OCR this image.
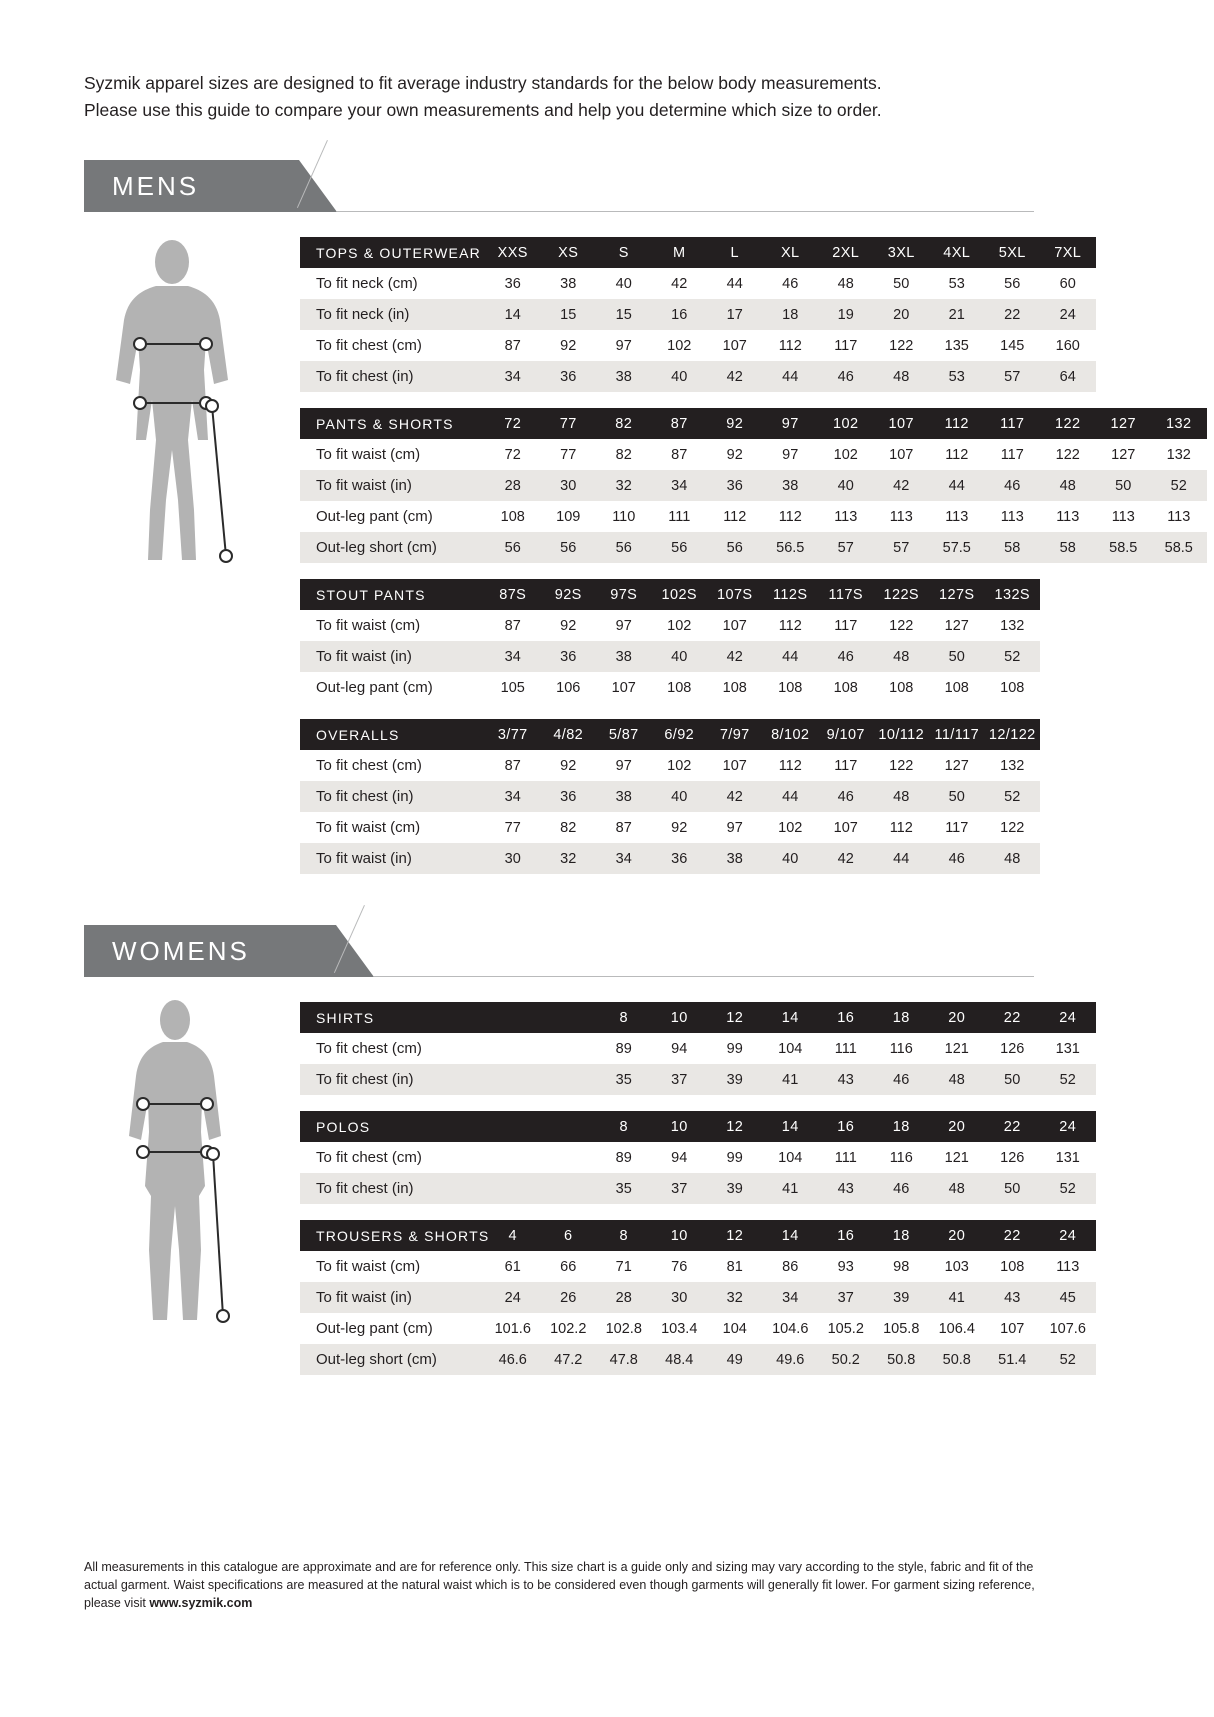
Syzmik apparel sizes are designed to fit average industry standards for the below body measurements.
Please use this guide to compare your own measurements and help you determine which size to order.
MENS
TOPS & OUTERWEAR	XXS	XS	S	M	L	XL	2XL	3XL	4XL	5XL	7XL
To fit neck (cm)	36	38	40	42	44	46	48	50	53	56	60
To fit neck (in)	14	15	15	16	17	18	19	20	21	22	24
To fit chest (cm)	87	92	97	102	107	112	117	122	135	145	160
To fit chest (in)	34	36	38	40	42	44	46	48	53	57	64
PANTS & SHORTS	72	77	82	87	92	97	102	107	112	117	122	127	132
To fit waist (cm)	72	77	82	87	92	97	102	107	112	117	122	127	132
To fit waist (in)	28	30	32	34	36	38	40	42	44	46	48	50	52
Out-leg pant (cm)	108	109	110	111	112	112	113	113	113	113	113	113	113
Out-leg short (cm)	56	56	56	56	56	56.5	57	57	57.5	58	58	58.5	58.5
STOUT PANTS	87S	92S	97S	102S	107S	112S	117S	122S	127S	132S
To fit waist (cm)	87	92	97	102	107	112	117	122	127	132
To fit waist (in)	34	36	38	40	42	44	46	48	50	52
Out-leg pant (cm)	105	106	107	108	108	108	108	108	108	108
OVERALLS	3/77	4/82	5/87	6/92	7/97	8/102	9/107	10/112	11/117	12/122
To fit chest (cm)	87	92	97	102	107	112	117	122	127	132
To fit chest (in)	34	36	38	40	42	44	46	48	50	52
To fit waist (cm)	77	82	87	92	97	102	107	112	117	122
To fit waist (in)	30	32	34	36	38	40	42	44	46	48
WOMENS
SHIRTS			8	10	12	14	16	18	20	22	24
To fit chest (cm)			89	94	99	104	111	116	121	126	131
To fit chest (in)			35	37	39	41	43	46	48	50	52
POLOS			8	10	12	14	16	18	20	22	24
To fit chest (cm)			89	94	99	104	111	116	121	126	131
To fit chest (in)			35	37	39	41	43	46	48	50	52
TROUSERS & SHORTS	4	6	8	10	12	14	16	18	20	22	24
To fit waist (cm)	61	66	71	76	81	86	93	98	103	108	113
To fit waist (in)	24	26	28	30	32	34	37	39	41	43	45
Out-leg pant (cm)	101.6	102.2	102.8	103.4	104	104.6	105.2	105.8	106.4	107	107.6
Out-leg short (cm)	46.6	47.2	47.8	48.4	49	49.6	50.2	50.8	50.8	51.4	52
All measurements in this catalogue are approximate and are for reference only. This size chart is a guide only and sizing may vary according to the style, fabric and fit of the actual garment. Waist specifications are measured at the natural waist which is to be considered even though garments will generally fit lower. For garment sizing reference, please visit www.syzmik.com
